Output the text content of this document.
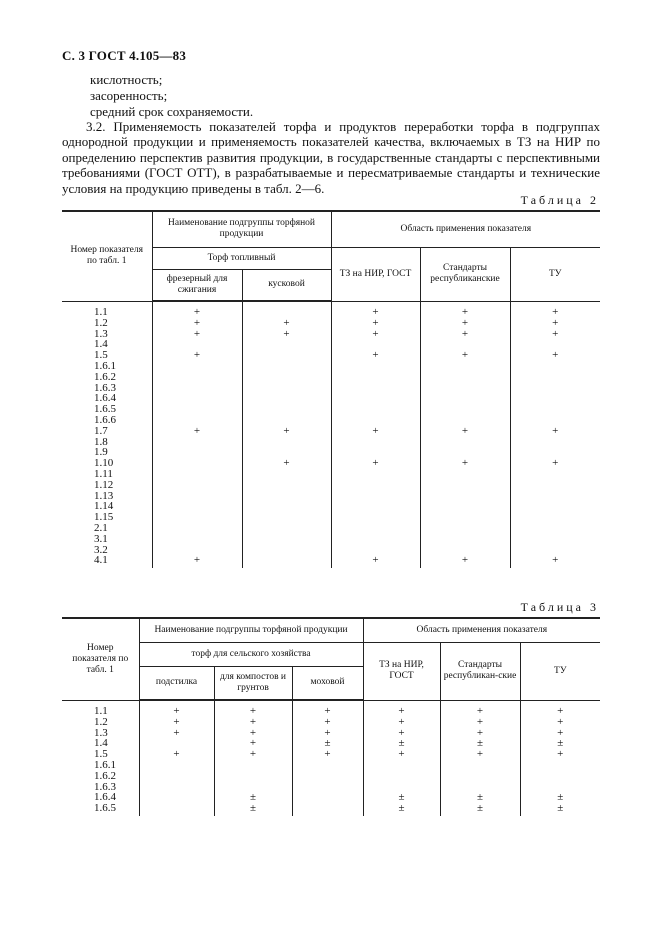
С. 3 ГОСТ 4.105—83
кислотность;
засоренность;
средний срок сохраняемости.
3.2. Применяемость показателей торфа и продуктов переработки торфа в подгруппах однородной продукции и применяемость показателей качества, включаемых в ТЗ на НИР по определению перспектив развития продукции, в государственные стандарты с перспективными требованиями (ГОСТ ОТТ), в разрабатываемые и пересматриваемые стандарты и технические условия на продукцию приведены в табл. 2—6.
Таблица 2
Номер показателя по табл. 1	Наименование подгруппы торфяной продукции		Область применения показателя		
	Торф топливный		ТЗ на НИР, ГОСТ	Стандарты республиканские	ТУ
	фрезерный для сжигания	кусковой			
1.1	+		+	+	+
1.2	+	+	+	+	+
1.3	+	+	+	+	+
1.4					
1.5	+		+	+	+
1.6.1					
1.6.2					
1.6.3					
1.6.4					
1.6.5					
1.6.6					
1.7	+	+	+	+	+
1.8					
1.9					
1.10		+	+	+	+
1.11					
1.12					
1.13					
1.14					
1.15					
2.1					
3.1					
3.2					
4.1	+		+	+	+
Таблица 3
Номер показателя по табл. 1	Наименование подгруппы торфяной продукции			Область применения показателя		
	торф для сельского хозяйства			ТЗ на НИР, ГОСТ	Стандарты республикан-ские	ТУ
	подстилка	для компостов и грунтов	моховой			
1.1	+	+	+	+	+	+
1.2	+	+	+	+	+	+
1.3	+	+	+	+	+	+
1.4		+	±	±	±	±
1.5	+	+	+	+	+	+
1.6.1						
1.6.2						
1.6.3						
1.6.4		±		±	±	±
1.6.5		±		±	±	±
